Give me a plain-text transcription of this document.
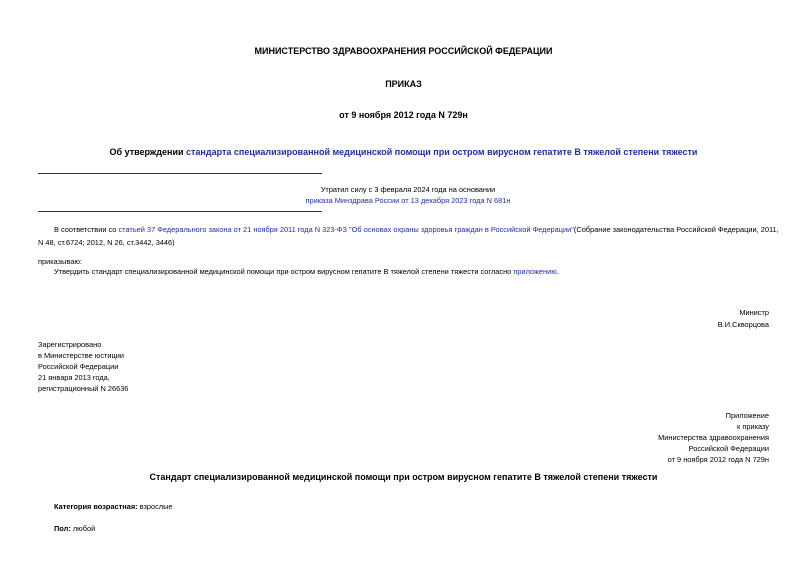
МИНИСТЕРСТВО ЗДРАВООХРАНЕНИЯ РОССИЙСКОЙ ФЕДЕРАЦИИ
ПРИКАЗ
от 9 ноября 2012 года N 729н
Об утверждении стандарта специализированной медицинской помощи при остром вирусном гепатите В тяжелой степени тяжести
Утратил силу с 3 февраля 2024 года на основании
приказа Минздрава России от 13 декабря 2023 года N 681н
В соответствии со статьей 37 Федерального закона от 21 ноября 2011 года N 323-ФЗ "Об основах охраны здоровья граждан в Российской Федерации"(Собрание законодательства Российской Федерации, 2011,
N 48, ст.6724; 2012, N 26, ст.3442, 3446)
приказываю:
Утвердить стандарт специализированной медицинской помощи при остром вирусном гепатите В тяжелой степени тяжести согласно приложению.
Министр
В.И.Скворцова
Зарегистрировано
в Министерстве юстиции
Российской Федерации
21 января 2013 года,
регистрационный N 26636
Приложение
к приказу
Министерства здравоохранения
Российской Федерации
от 9 ноября 2012 года N 729н
Стандарт специализированной медицинской помощи при остром вирусном гепатите В тяжелой степени тяжести
Категория возрастная: взрослые
Пол: любой
